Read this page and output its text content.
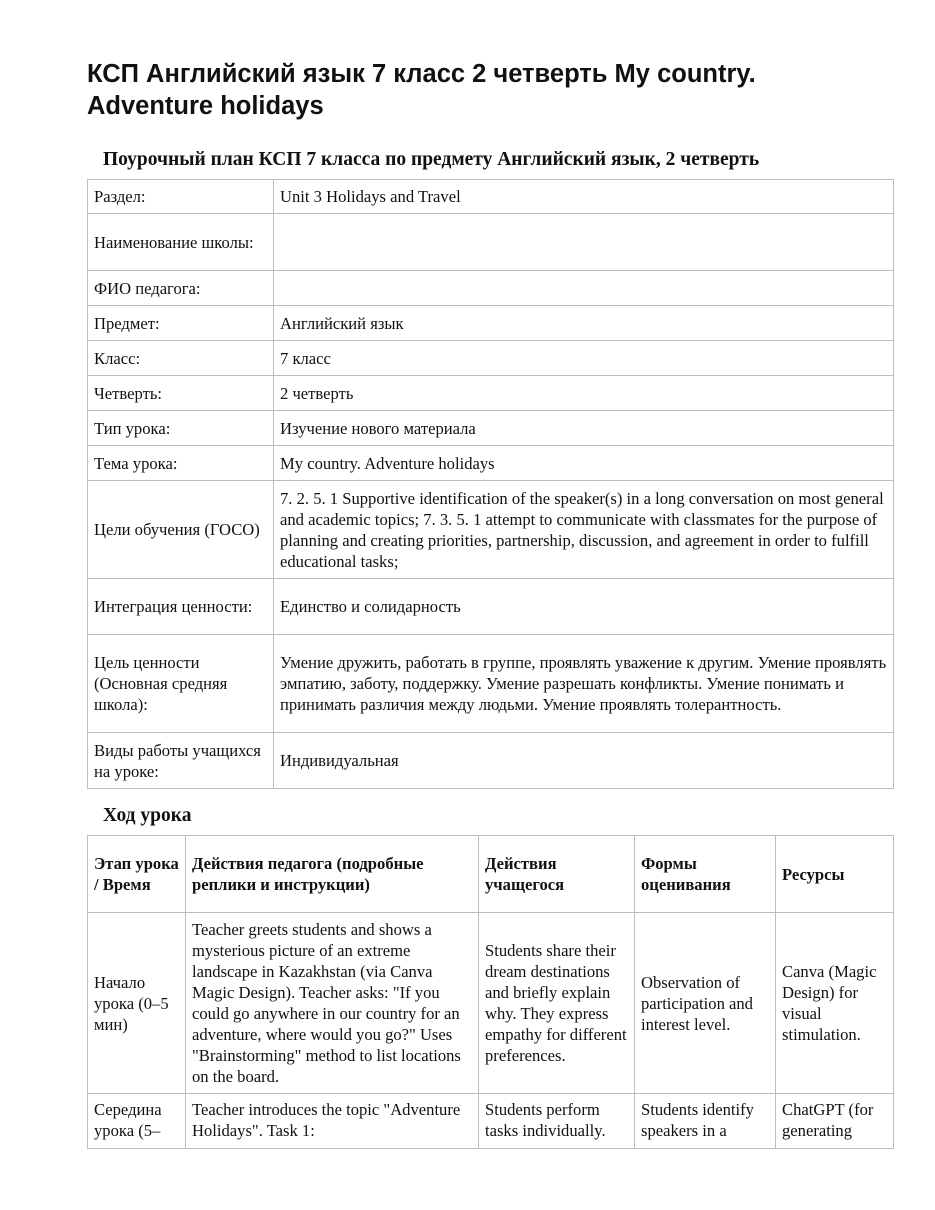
КСП Английский язык 7 класс 2 четверть My country. Adventure holidays
Поурочный план КСП 7 класса по предмету Английский язык, 2 четверть
Раздел:	Unit 3 Holidays and Travel
Наименование школы:	
ФИО педагога:	
Предмет:	Английский язык
Класс:	7 класс
Четверть:	2 четверть
Тип урока:	Изучение нового материала
Тема урока:	My country. Adventure holidays
Цели обучения (ГОСО)	7. 2. 5. 1 Supportive identification of the speaker(s) in a long conversation on most general and academic topics; 7. 3. 5. 1 attempt to communicate with classmates for the purpose of planning and creating priorities, partnership, discussion, and agreement in order to fulfill educational tasks;
Интеграция ценности:	Единство и солидарность
Цель ценности (Основная средняя школа):	Умение дружить, работать в группе, проявлять уважение к другим. Умение проявлять эмпатию, заботу, поддержку. Умение разрешать конфликты. Умение понимать и принимать различия между людьми. Умение проявлять толерантность.
Виды работы учащихся на уроке:	Индивидуальная
Ход урока
Этап урока / Время	Действия педагога (подробные реплики и инструкции)	Действия учащегося	Формы оценивания	Ресурсы
Начало урока (0–5 мин)	Teacher greets students and shows a mysterious picture of an extreme landscape in Kazakhstan (via Canva Magic Design). Teacher asks: "If you could go anywhere in our country for an adventure, where would you go?" Uses "Brainstorming" method to list locations on the board.	Students share their dream destinations and briefly explain why. They express empathy for different preferences.	Observation of participation and interest level.	Canva (Magic Design) for visual stimulation.

Середина урока (5–	Teacher introduces the topic "Adventure Holidays". Task 1:	Students perform tasks individually.	Students identify speakers in a	ChatGPT (for generating
